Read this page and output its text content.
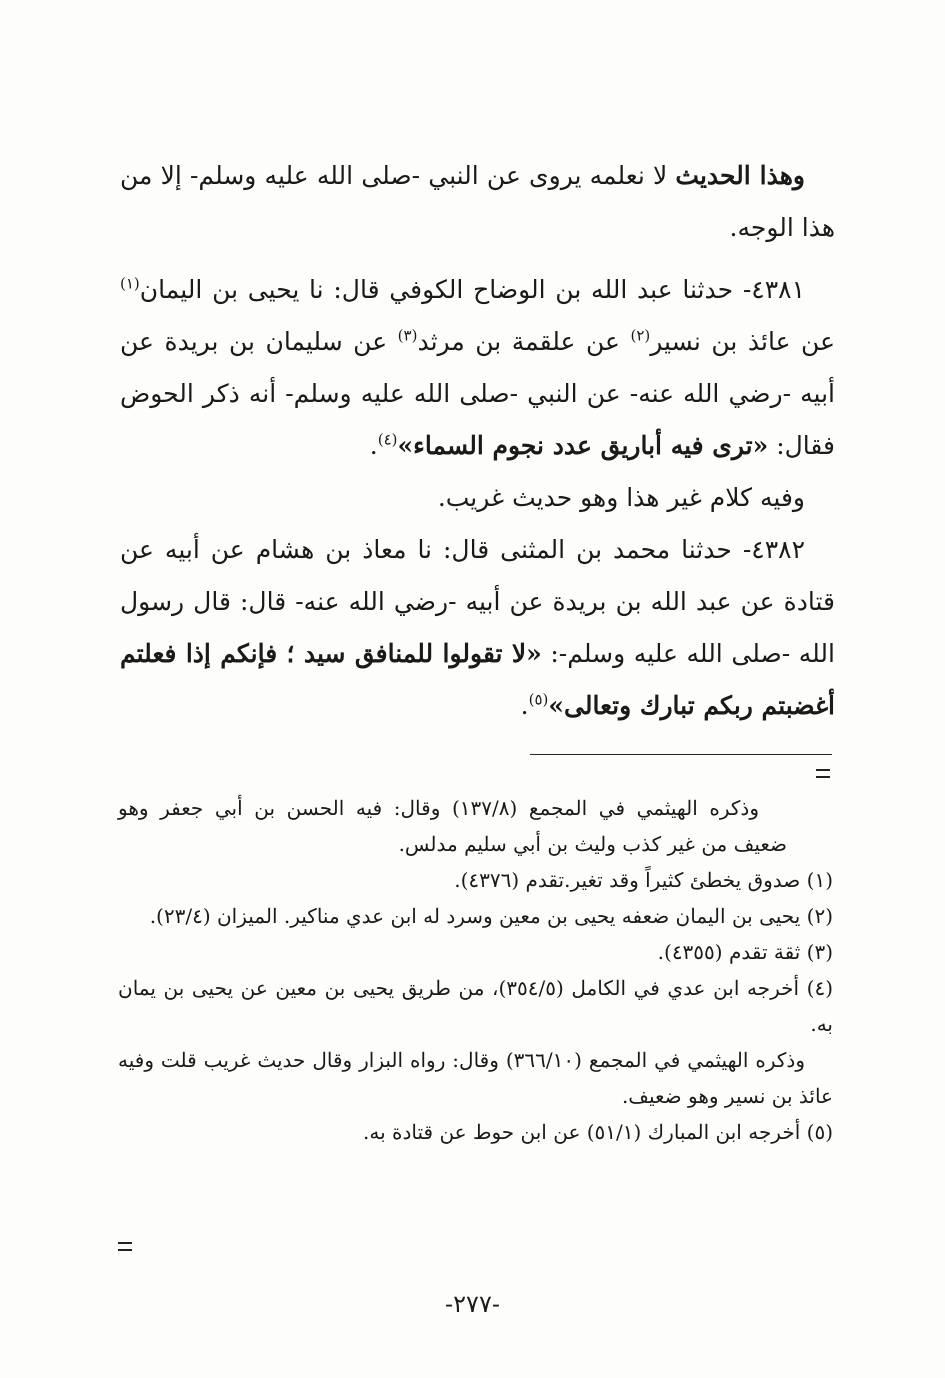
وهذا الحديث لا نعلمه يروى عن النبي -صلى الله عليه وسلم- إلا من هذا الوجه.

٤٣٨١- حدثنا عبد الله بن الوضاح الكوفي قال: نا يحيى بن اليمان$^{(١)}$ عن عائذ بن نسير$^{(٢)}$ عن علقمة بن مرثد$^{(٣)}$ عن سليمان بن بريدة عن أبيه -رضي الله عنه- عن النبي -صلى الله عليه وسلم- أنه ذكر الحوض فقال: «ترى فيه أباريق عدد نجوم السماء»$^{(٤)}$.

وفيه كلام غير هذا وهو حديث غريب.

٤٣٨٢- حدثنا محمد بن المثنى قال: نا معاذ بن هشام عن أبيه عن قتادة عن عبد الله بن بريدة عن أبيه -رضي الله عنه- قال: قال رسول الله -صلى الله عليه وسلم-: «لا تقولوا للمنافق سيد ؛ فإنكم إذا فعلتم أغضبتم ربكم تبارك وتعالى»$^{(٥)}$.

وذكره الهيثمي في المجمع (١٣٧/٨) وقال: فيه الحسن بن أبي جعفر وهو ضعيف من غير كذب وليث بن أبي سليم مدلس.

(١) صدوق يخطئ كثيراً وقد تغير.تقدم (٤٣٧٦).

(٢) يحيى بن اليمان ضعفه يحيى بن معين وسرد له ابن عدي مناكير. الميزان (٢٣/٤).

(٣) ثقة تقدم (٤٣٥٥).

(٤) أخرجه ابن عدي في الكامل (٣٥٤/٥)، من طريق يحيى بن معين عن يحيى بن يمان به.

وذكره الهيثمي في المجمع (٣٦٦/١٠) وقال: رواه البزار وقال حديث غريب قلت وفيه عائذ بن نسير وهو ضعيف.

(٥) أخرجه ابن المبارك (٥١/١) عن ابن حوط عن قتادة به.

-٢٧٧-
